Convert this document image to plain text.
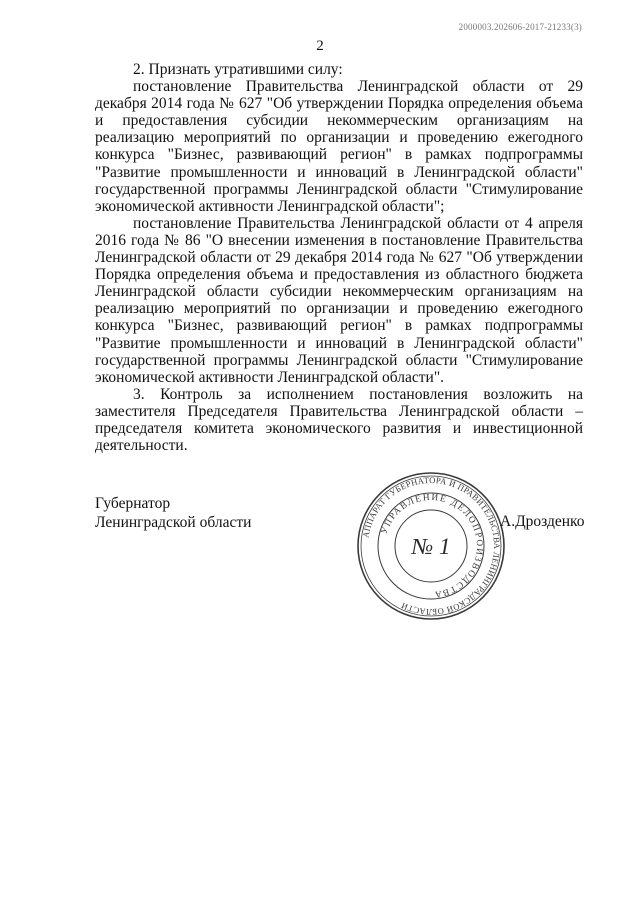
2000003.202606-2017-21233(3)
2

2. Признать утратившими силу:

постановление Правительства Ленинградской области от 29 декабря 2014 года № 627 "Об утверждении Порядка определения объема и предоставления субсидии некоммерческим организациям на реализацию мероприятий по организации и проведению ежегодного конкурса "Бизнес, развивающий регион" в рамках подпрограммы "Развитие промышленности и инноваций в Ленинградской области" государственной программы Ленинградской области "Стимулирование экономической активности Ленинградской области";

постановление Правительства Ленинградской области от 4 апреля 2016 года № 86 "О внесении изменения в постановление Правительства Ленинградской области от 29 декабря 2014 года № 627 "Об утверждении Порядка определения объема и предоставления из областного бюджета Ленинградской области субсидии некоммерческим организациям на реализацию мероприятий по организации и проведению ежегодного конкурса "Бизнес, развивающий регион" в рамках подпрограммы "Развитие промышленности и инноваций в Ленинградской области" государственной программы Ленинградской области "Стимулирование экономической активности Ленинградской области".

3. Контроль за исполнением постановления возложить на заместителя Председателя Правительства Ленинградской области – председателя комитета экономического развития и инвестиционной деятельности.

Губернатор
Ленинградской области
АППАРАТ ГУБЕРНАТОРА И ПРАВИТЕЛЬСТВА ЛЕНИНГРАДСКОЙ ОБЛАСТИ
УПРАВЛЕНИЕ ДЕЛОПРОИЗВОДСТВА
№ 1
А.Дрозденко
